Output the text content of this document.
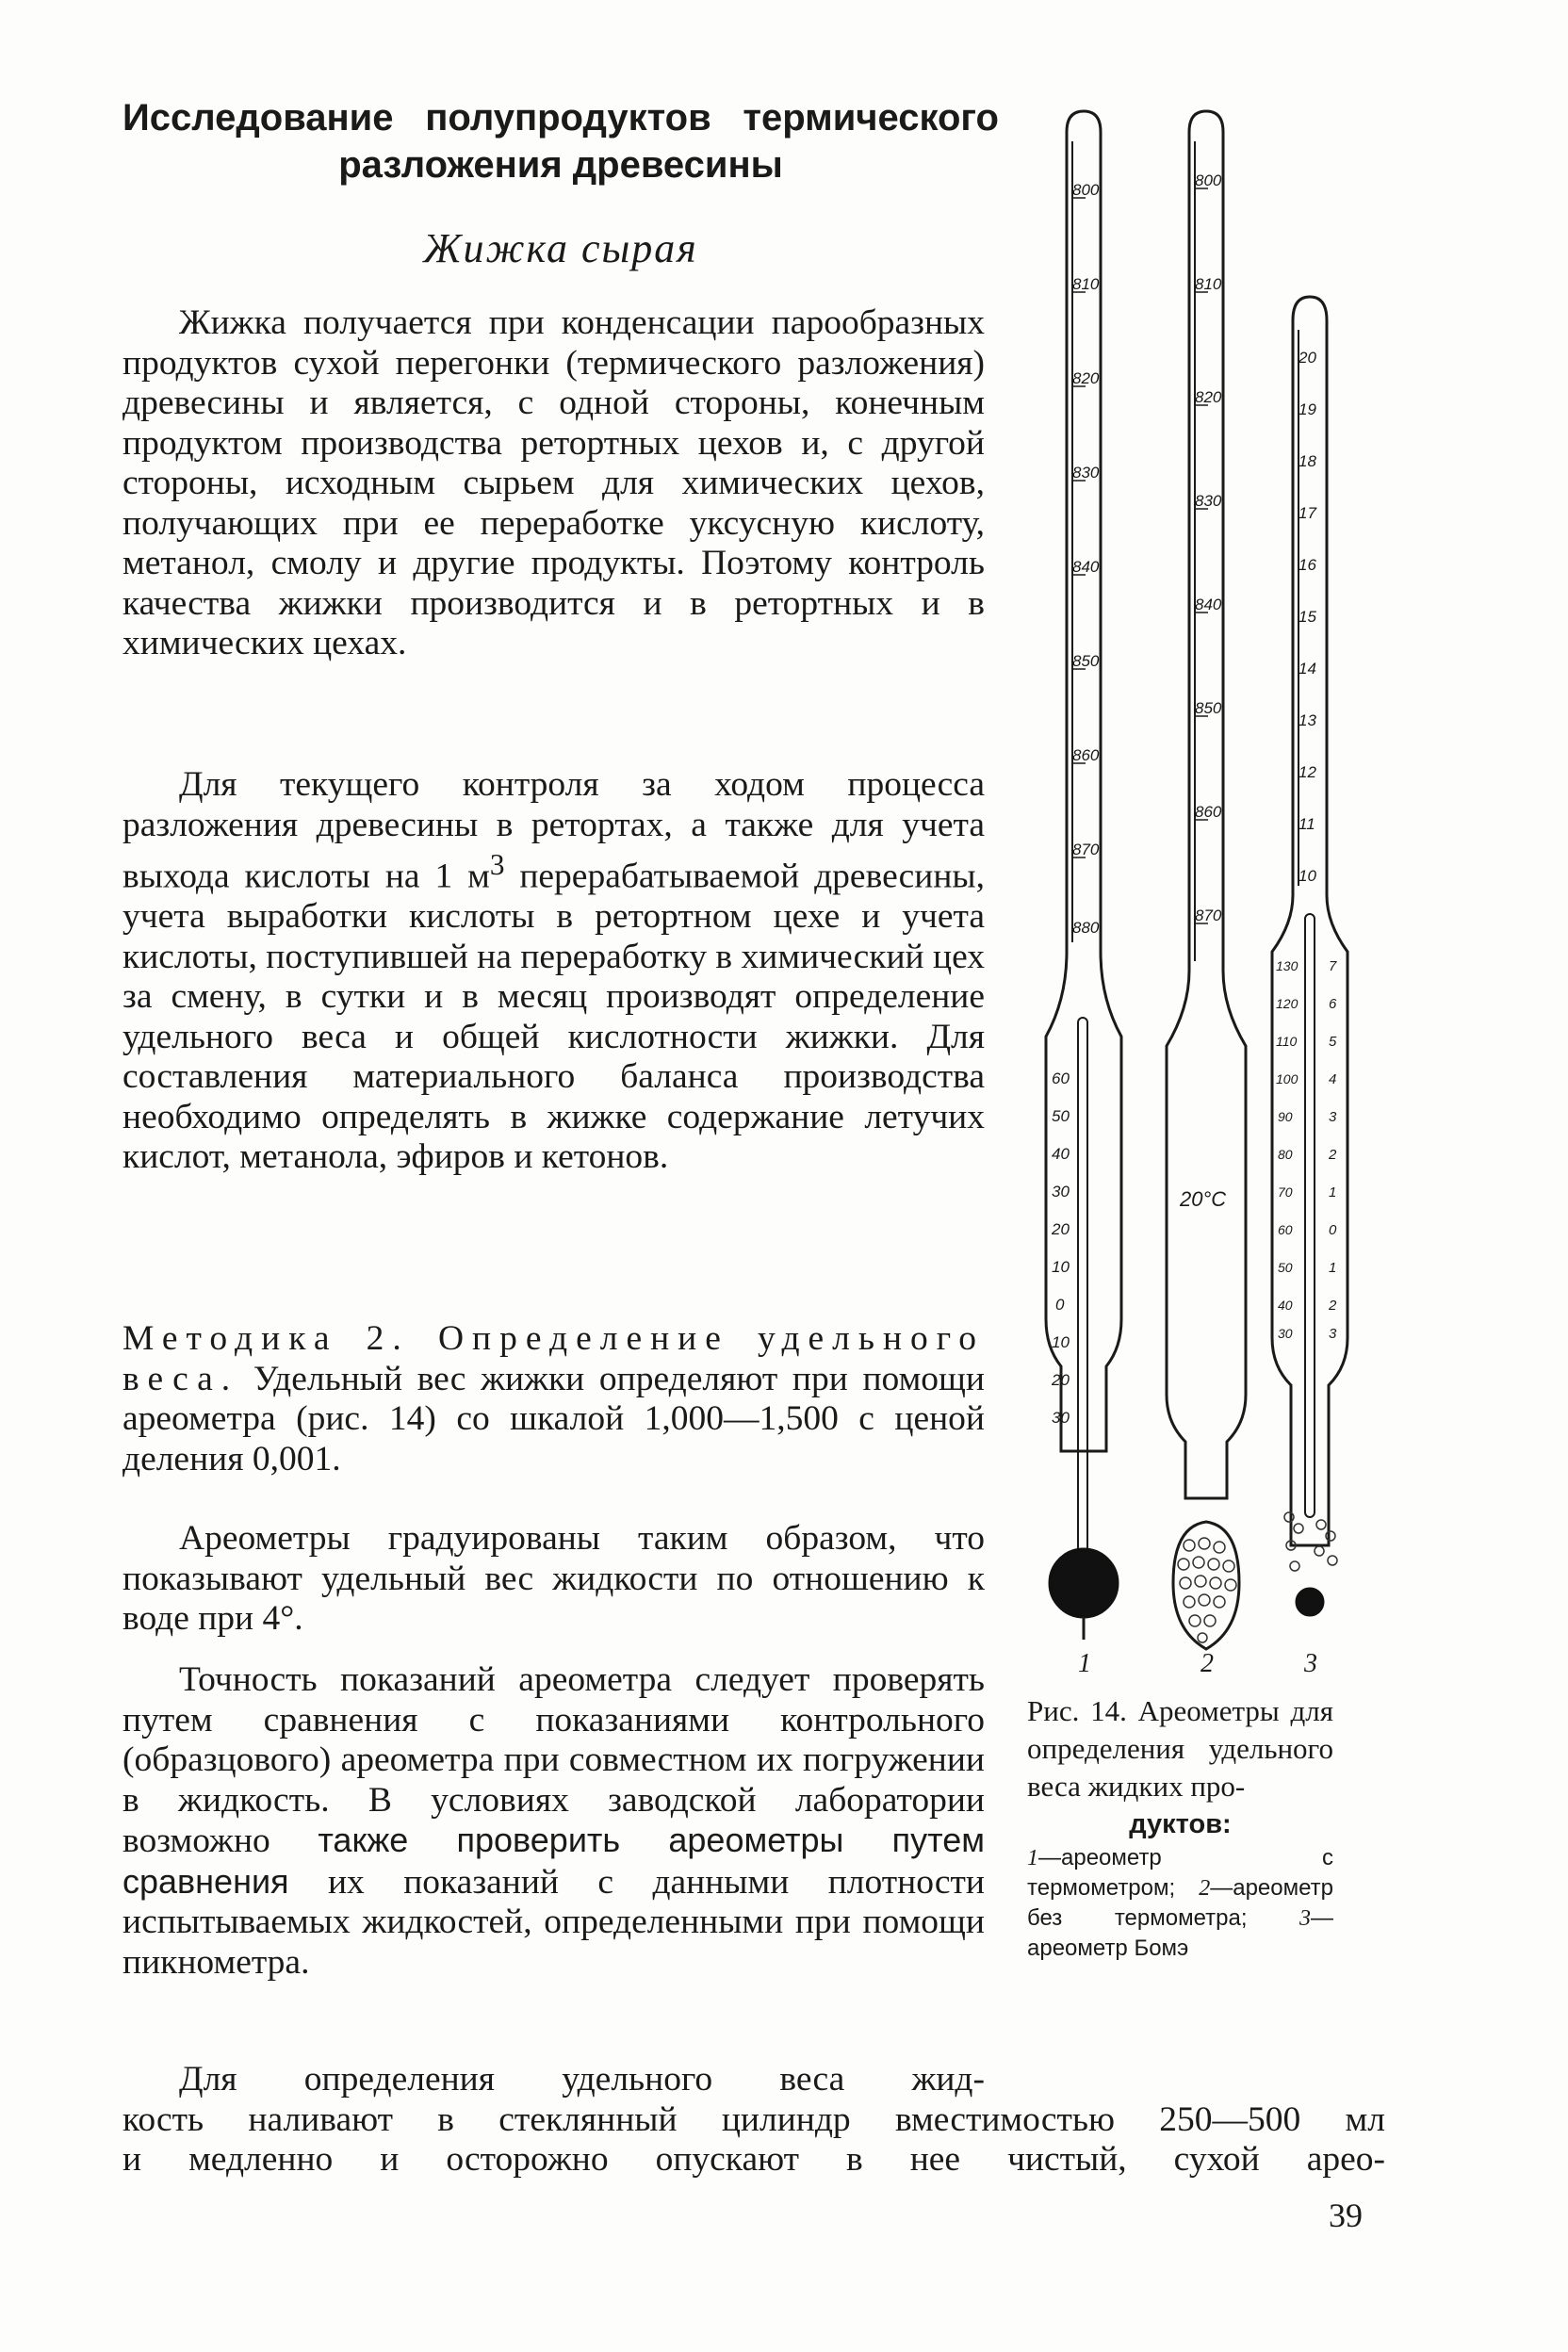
Исследование полупродуктов термического
разложения древесины
Жижка сырая

Жижка получается при конденсации парообразных продуктов сухой перегонки (термического разложения) древесины и является, с одной стороны, конечным продуктом производства ретортных цехов и, с другой стороны, исходным сырьем для химических цехов, получающих при ее переработке уксусную кислоту, метанол, смолу и другие продукты. Поэтому контроль качества жижки производится и в ретортных и в химических цехах.

Для текущего контроля за ходом процесса разложения древесины в ретортах, а также для учета выхода кислоты на 1 $м^3$ перерабатываемой древесины, учета выработки кислоты в ретортном цехе и учета кислоты, поступившей на переработку в химический цех за смену, в сутки и в месяц производят определение удельного веса и общей кислотности жижки. Для составления материального баланса производства необходимо определять в жижке содержание летучих кислот, метанола, эфиров и кетонов.

Методика 2. Определение удельного веса. Удельный вес жижки определяют при помощи ареометра (рис. 14) со шкалой 1,000—1,500 с ценой деления 0,001.

Ареометры градуированы таким образом, что показывают удельный вес жидкости по отношению к воде при 4°.

Точность показаний ареометра следует проверять путем сравнения с показаниями контрольного (образцового) ареометра при совместном их погружении в жидкость. В условиях заводской лаборатории возможно также проверить ареометры путем сравнения их показаний с данными плотности испытываемых жидкостей, определенными при помощи пикнометра.

Для определения удельного веса жид-
кость наливают в стеклянный цилиндр вместимостью 250—500 мл
и медленно и осторожно опускают в нее чистый, сухой арео-

800
810
820
830
840
850
860
870
880
60
50
40
30
20
10
0
10
20
30
800
810
820
830
840
850
860
870
20°C
20
19
18
17
16
15
14
13
12
11
10
130
120
110
100
90
80
70
60
50
40
30
7
6
5
4
3
2
1
0
1
2
3
1	2	3
Рис. 14. Ареометры для определения удельного веса жидких про-
дуктов:
1—ареометр с термометром; 2—ареометр без термометра; 3— ареометр Бомэ
39
